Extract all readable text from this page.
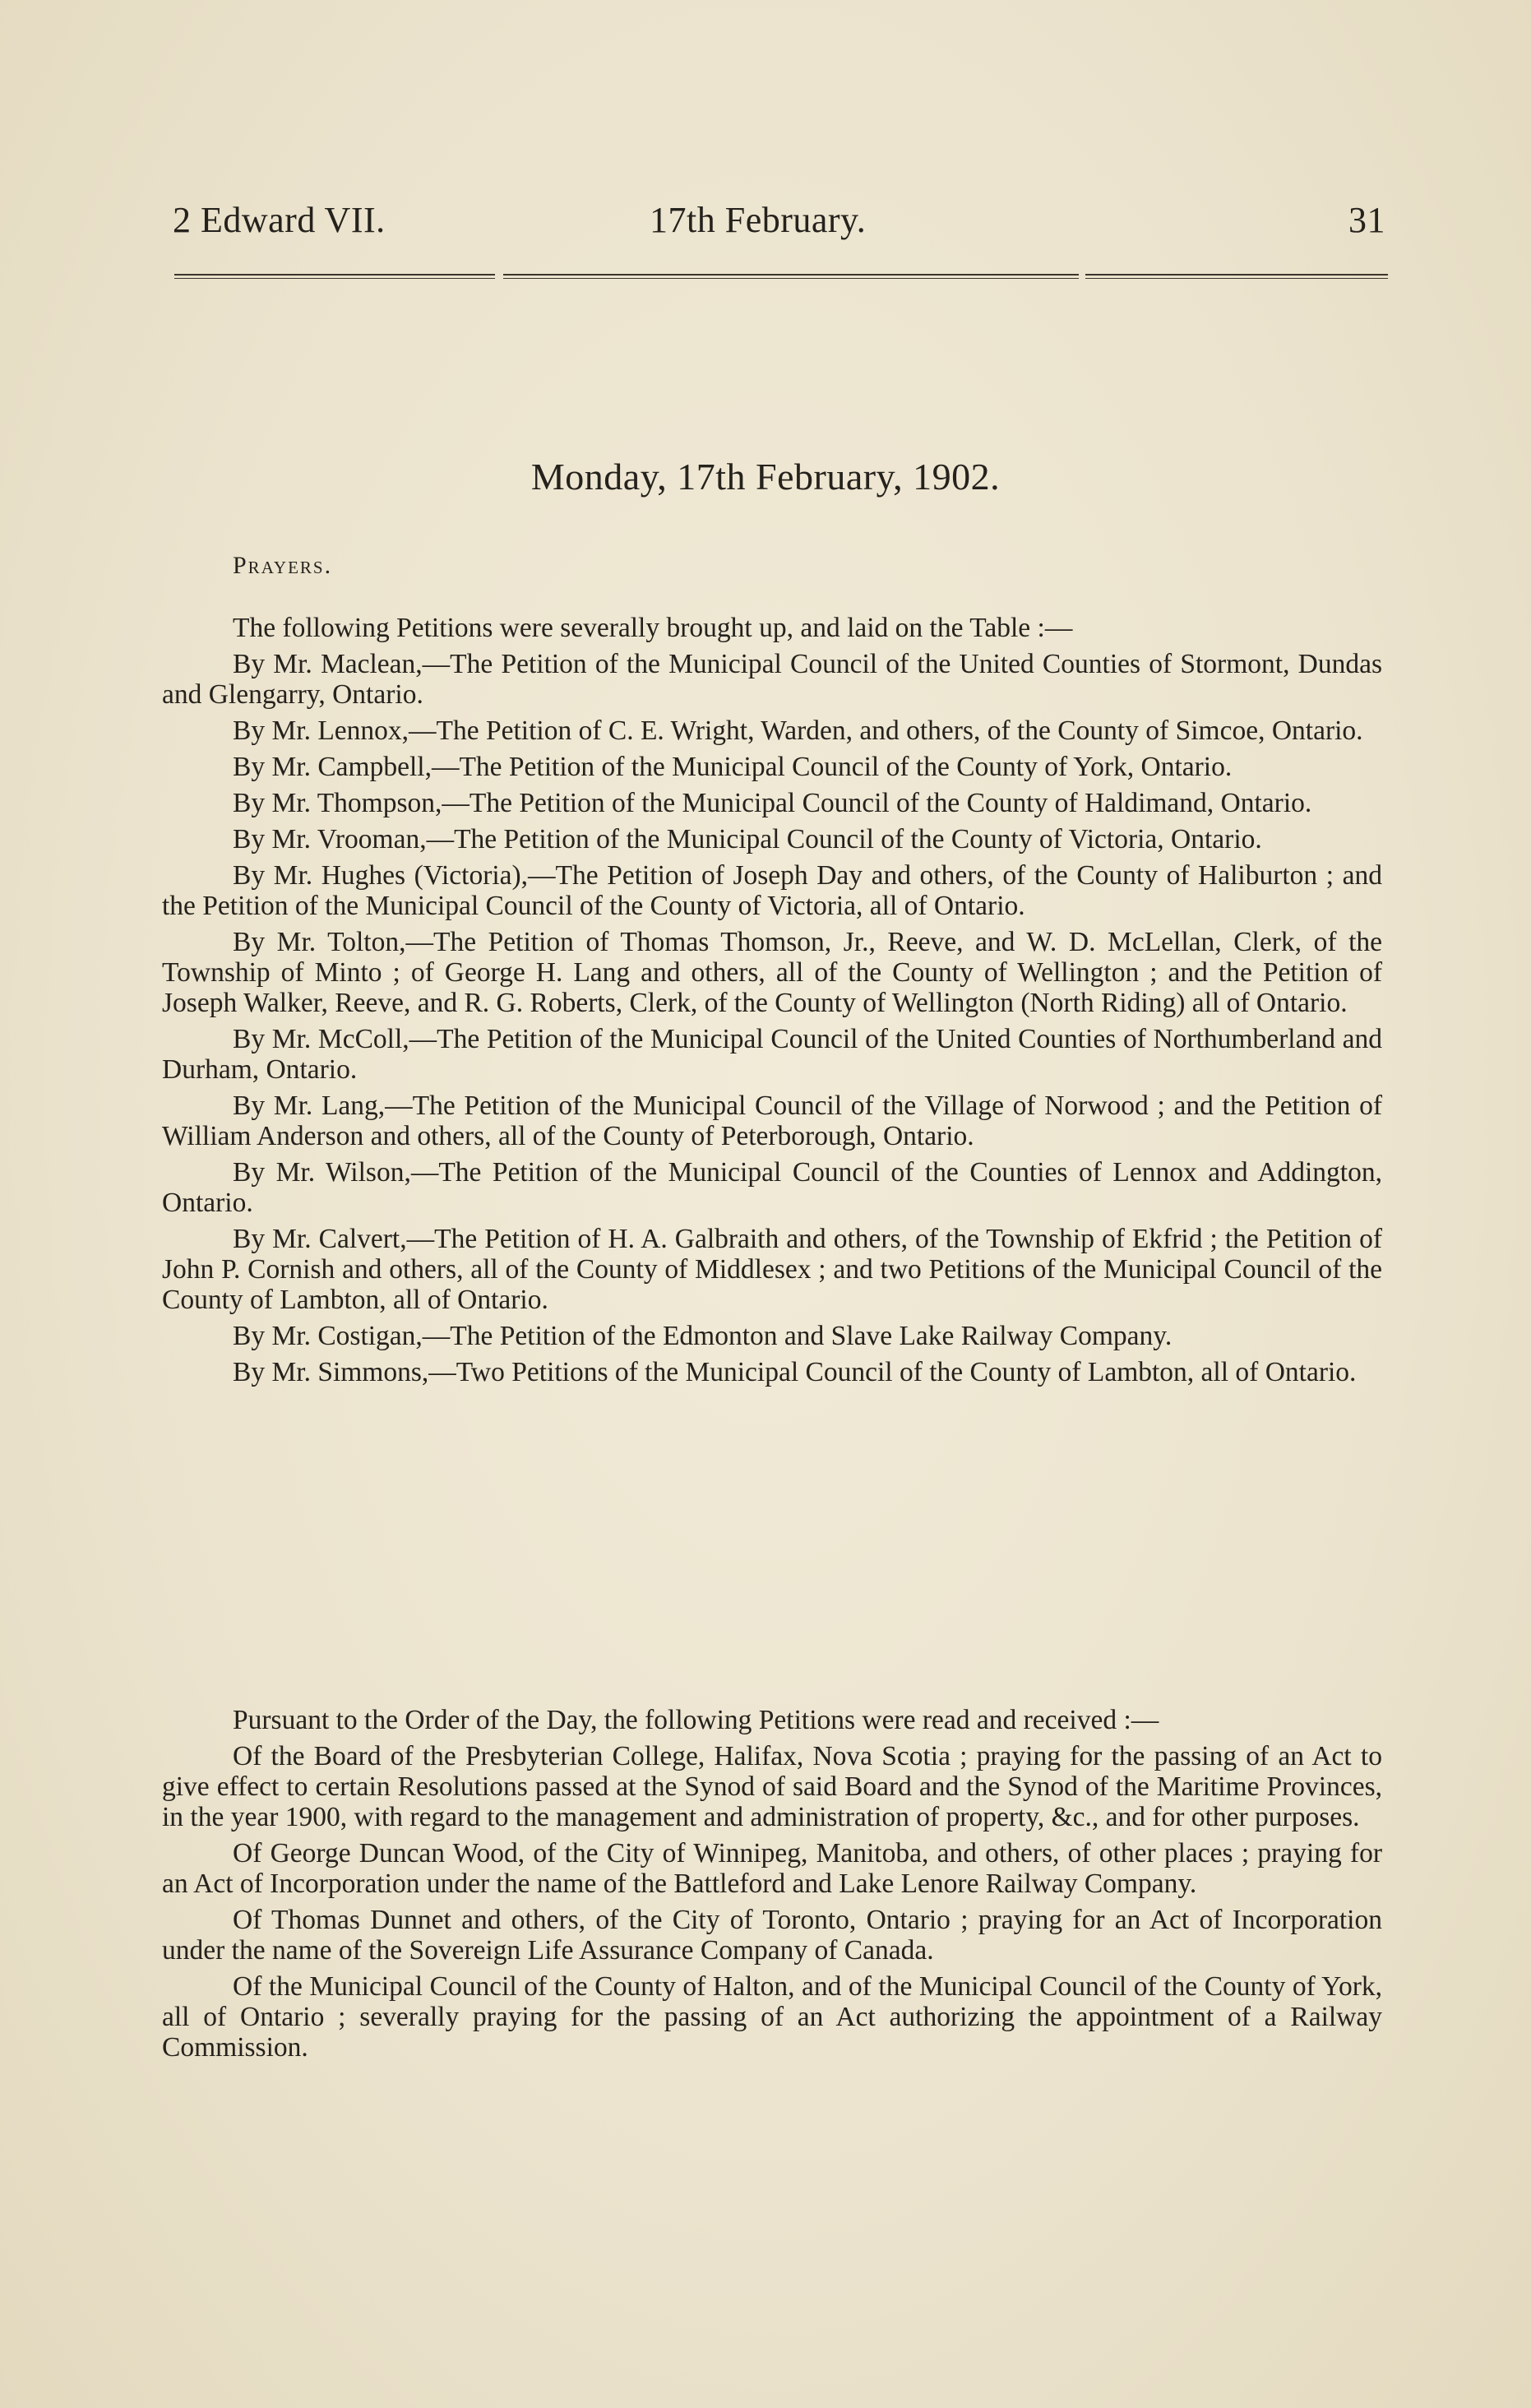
2 Edward VII.	17th February.	31
Monday, 17th February, 1902.
Prayers.

The following Petitions were severally brought up, and laid on the Table :—

By Mr. Maclean,—The Petition of the Municipal Council of the United Counties of Stormont, Dundas and Glengarry, Ontario.

By Mr. Lennox,—The Petition of C. E. Wright, Warden, and others, of the County of Simcoe, Ontario.

By Mr. Campbell,—The Petition of the Municipal Council of the County of York, Ontario.

By Mr. Thompson,—The Petition of the Municipal Council of the County of Haldimand, Ontario.

By Mr. Vrooman,—The Petition of the Municipal Council of the County of Victoria, Ontario.

By Mr. Hughes (Victoria),—The Petition of Joseph Day and others, of the County of Haliburton ; and the Petition of the Municipal Council of the County of Victoria, all of Ontario.

By Mr. Tolton,—The Petition of Thomas Thomson, Jr., Reeve, and W. D. McLellan, Clerk, of the Township of Minto ; of George H. Lang and others, all of the County of Wellington ; and the Petition of Joseph Walker, Reeve, and R. G. Roberts, Clerk, of the County of Wellington (North Riding) all of Ontario.

By Mr. McColl,—The Petition of the Municipal Council of the United Counties of Northumberland and Durham, Ontario.

By Mr. Lang,—The Petition of the Municipal Council of the Village of Norwood ; and the Petition of William Anderson and others, all of the County of Peterborough, Ontario.

By Mr. Wilson,—The Petition of the Municipal Council of the Counties of Lennox and Addington, Ontario.

By Mr. Calvert,—The Petition of H. A. Galbraith and others, of the Township of Ekfrid ; the Petition of John P. Cornish and others, all of the County of Middlesex ; and two Petitions of the Municipal Council of the County of Lambton, all of Ontario.

By Mr. Costigan,—The Petition of the Edmonton and Slave Lake Railway Company.

By Mr. Simmons,—Two Petitions of the Municipal Council of the County of Lambton, all of Ontario.

Pursuant to the Order of the Day, the following Petitions were read and received :—

Of the Board of the Presbyterian College, Halifax, Nova Scotia ; praying for the passing of an Act to give effect to certain Resolutions passed at the Synod of said Board and the Synod of the Maritime Provinces, in the year 1900, with regard to the management and administration of property, &c., and for other purposes.

Of George Duncan Wood, of the City of Winnipeg, Manitoba, and others, of other places ; praying for an Act of Incorporation under the name of the Battleford and Lake Lenore Railway Company.

Of Thomas Dunnet and others, of the City of Toronto, Ontario ; praying for an Act of Incorporation under the name of the Sovereign Life Assurance Company of Canada.

Of the Municipal Council of the County of Halton, and of the Municipal Council of the County of York, all of Ontario ; severally praying for the passing of an Act authorizing the appointment of a Railway Commission.
